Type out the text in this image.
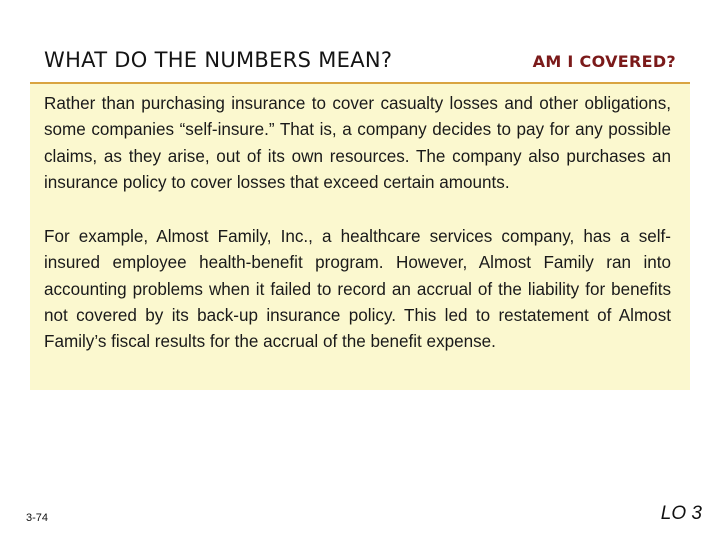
WHAT DO THE NUMBERS MEAN?	AM I COVERED?

Rather than purchasing insurance to cover casualty losses and other obligations, some companies “self-insure.” That is, a company decides to pay for any possible claims, as they arise, out of its own resources. The company also purchases an insurance policy to cover losses that exceed certain amounts.

For example, Almost Family, Inc., a healthcare services company, has a self-insured employee health-benefit program. However, Almost Family ran into accounting problems when it failed to record an accrual of the liability for benefits not covered by its back-up insurance policy. This led to restatement of Almost Family’s fiscal results for the accrual of the benefit expense.

3-74	LO 3
